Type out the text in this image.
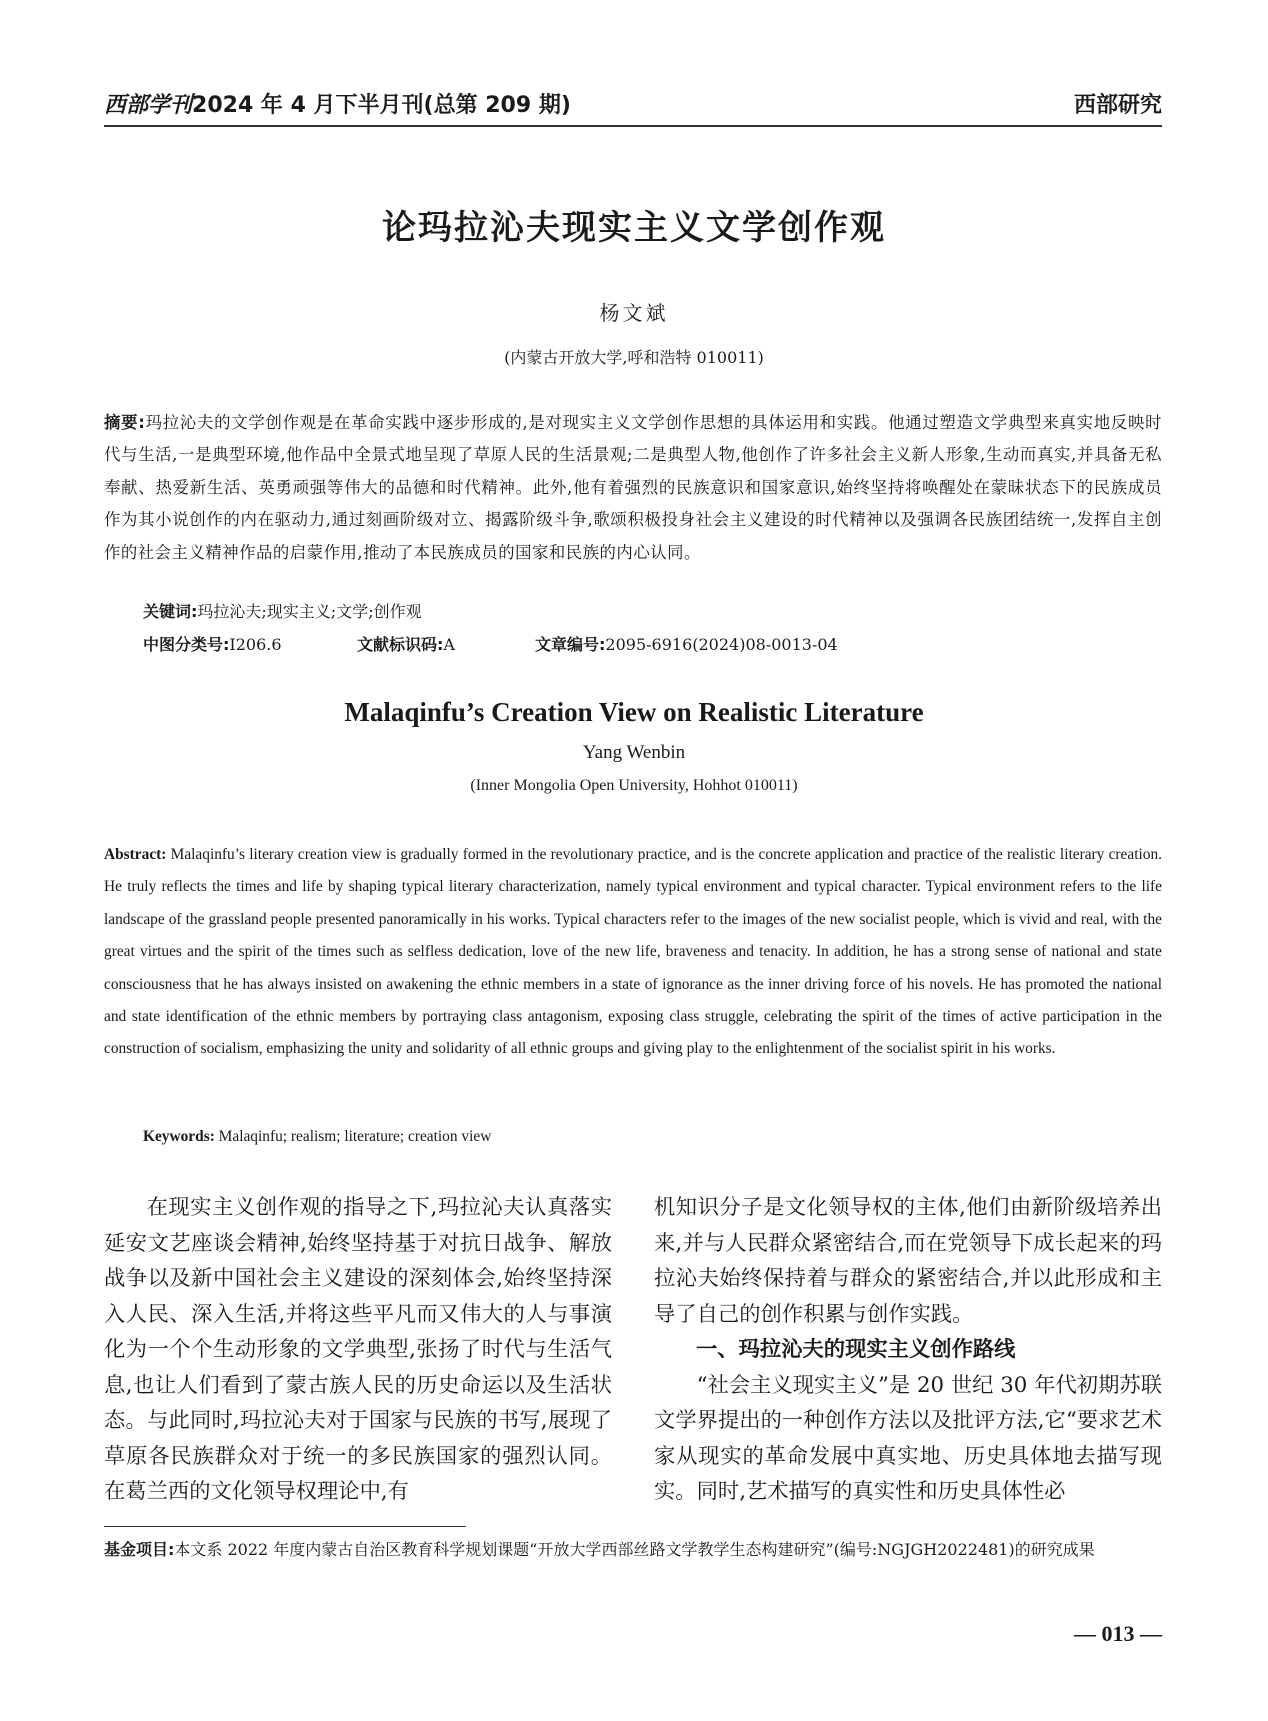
西部学刊2024 年 4 月下半月刊(总第 209 期)	西部研究
论玛拉沁夫现实主义文学创作观
杨文斌
(内蒙古开放大学,呼和浩特 010011)
摘要:玛拉沁夫的文学创作观是在革命实践中逐步形成的,是对现实主义文学创作思想的具体运用和实践。他通过塑造文学典型来真实地反映时代与生活,一是典型环境,他作品中全景式地呈现了草原人民的生活景观;二是典型人物,他创作了许多社会主义新人形象,生动而真实,并具备无私奉献、热爱新生活、英勇顽强等伟大的品德和时代精神。此外,他有着强烈的民族意识和国家意识,始终坚持将唤醒处在蒙昧状态下的民族成员作为其小说创作的内在驱动力,通过刻画阶级对立、揭露阶级斗争,歌颂积极投身社会主义建设的时代精神以及强调各民族团结统一,发挥自主创作的社会主义精神作品的启蒙作用,推动了本民族成员的国家和民族的内心认同。
关键词:玛拉沁夫;现实主义;文学;创作观
中图分类号:I206.6	文献标识码:A	文章编号:2095-6916(2024)08-0013-04
Malaqinfu’s Creation View on Realistic Literature
Yang Wenbin
(Inner Mongolia Open University, Hohhot 010011)
Abstract: Malaqinfu’s literary creation view is gradually formed in the revolutionary practice, and is the concrete application and practice of the realistic literary creation. He truly reflects the times and life by shaping typical literary characterization, namely typical environment and typical character. Typical environment refers to the life landscape of the grassland people presented panoramically in his works. Typical characters refer to the images of the new socialist people, which is vivid and real, with the great virtues and the spirit of the times such as selfless dedication, love of the new life, braveness and tenacity. In addition, he has a strong sense of national and state consciousness that he has always insisted on awakening the ethnic members in a state of ignorance as the inner driving force of his novels. He has promoted the national and state identification of the ethnic members by portraying class antagonism, exposing class struggle, celebrating the spirit of the times of active participation in the construction of socialism, emphasizing the unity and solidarity of all ethnic groups and giving play to the enlightenment of the socialist spirit in his works.
Keywords: Malaqinfu; realism; literature; creation view

在现实主义创作观的指导之下,玛拉沁夫认真落实延安文艺座谈会精神,始终坚持基于对抗日战争、解放战争以及新中国社会主义建设的深刻体会,始终坚持深入人民、深入生活,并将这些平凡而又伟大的人与事演化为一个个生动形象的文学典型,张扬了时代与生活气息,也让人们看到了蒙古族人民的历史命运以及生活状态。与此同时,玛拉沁夫对于国家与民族的书写,展现了草原各民族群众对于统一的多民族国家的强烈认同。在葛兰西的文化领导权理论中,有

机知识分子是文化领导权的主体,他们由新阶级培养出来,并与人民群众紧密结合,而在党领导下成长起来的玛拉沁夫始终保持着与群众的紧密结合,并以此形成和主导了自己的创作积累与创作实践。

一、玛拉沁夫的现实主义创作路线

“社会主义现实主义”是 20 世纪 30 年代初期苏联文学界提出的一种创作方法以及批评方法,它“要求艺术家从现实的革命发展中真实地、历史具体地去描写现实。同时,艺术描写的真实性和历史具体性必

基金项目:本文系 2022 年度内蒙古自治区教育科学规划课题“开放大学西部丝路文学教学生态构建研究”(编号:NGJGH2022481)的研究成果
— 013 —
